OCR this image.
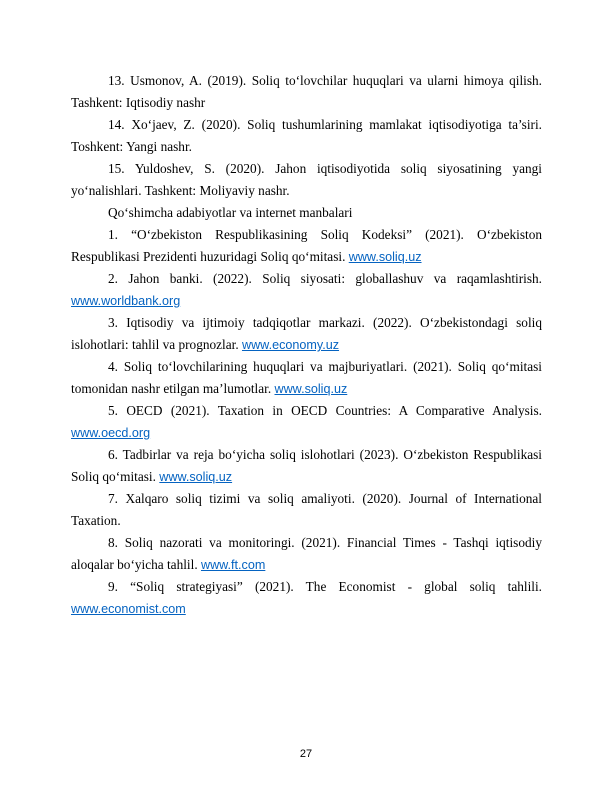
13. Usmonov, A. (2019). Soliq to‘lovchilar huquqlari va ularni himoya qilish. Tashkent: Iqtisodiy nashr

14. Xo‘jaev, Z. (2020). Soliq tushumlarining mamlakat iqtisodiyotiga ta’siri. Toshkent: Yangi nashr.

15. Yuldoshev, S. (2020). Jahon iqtisodiyotida soliq siyosatining yangi yo‘nalishlari. Tashkent: Moliyaviy nashr.

Qo‘shimcha adabiyotlar va internet manbalari

1. “O‘zbekiston Respublikasining Soliq Kodeksi” (2021). O‘zbekiston Respublikasi Prezidenti huzuridagi Soliq qo‘mitasi. www.soliq.uz

2. Jahon banki. (2022). Soliq siyosati: globallashuv va raqamlashtirish. www.worldbank.org

3. Iqtisodiy va ijtimoiy tadqiqotlar markazi. (2022). O‘zbekistondagi soliq islohotlari: tahlil va prognozlar. www.economy.uz

4. Soliq to‘lovchilarining huquqlari va majburiyatlari. (2021). Soliq qo‘mitasi tomonidan nashr etilgan ma’lumotlar. www.soliq.uz

5. OECD (2021). Taxation in OECD Countries: A Comparative Analysis. www.oecd.org

6. Tadbirlar va reja bo‘yicha soliq islohotlari (2023). O‘zbekiston Respublikasi Soliq qo‘mitasi. www.soliq.uz

7. Xalqaro soliq tizimi va soliq amaliyoti. (2020). Journal of International Taxation.

8. Soliq nazorati va monitoringi. (2021). Financial Times - Tashqi iqtisodiy aloqalar bo‘yicha tahlil. www.ft.com

9. “Soliq strategiyasi” (2021). The Economist - global soliq tahlili. www.economist.com

27
